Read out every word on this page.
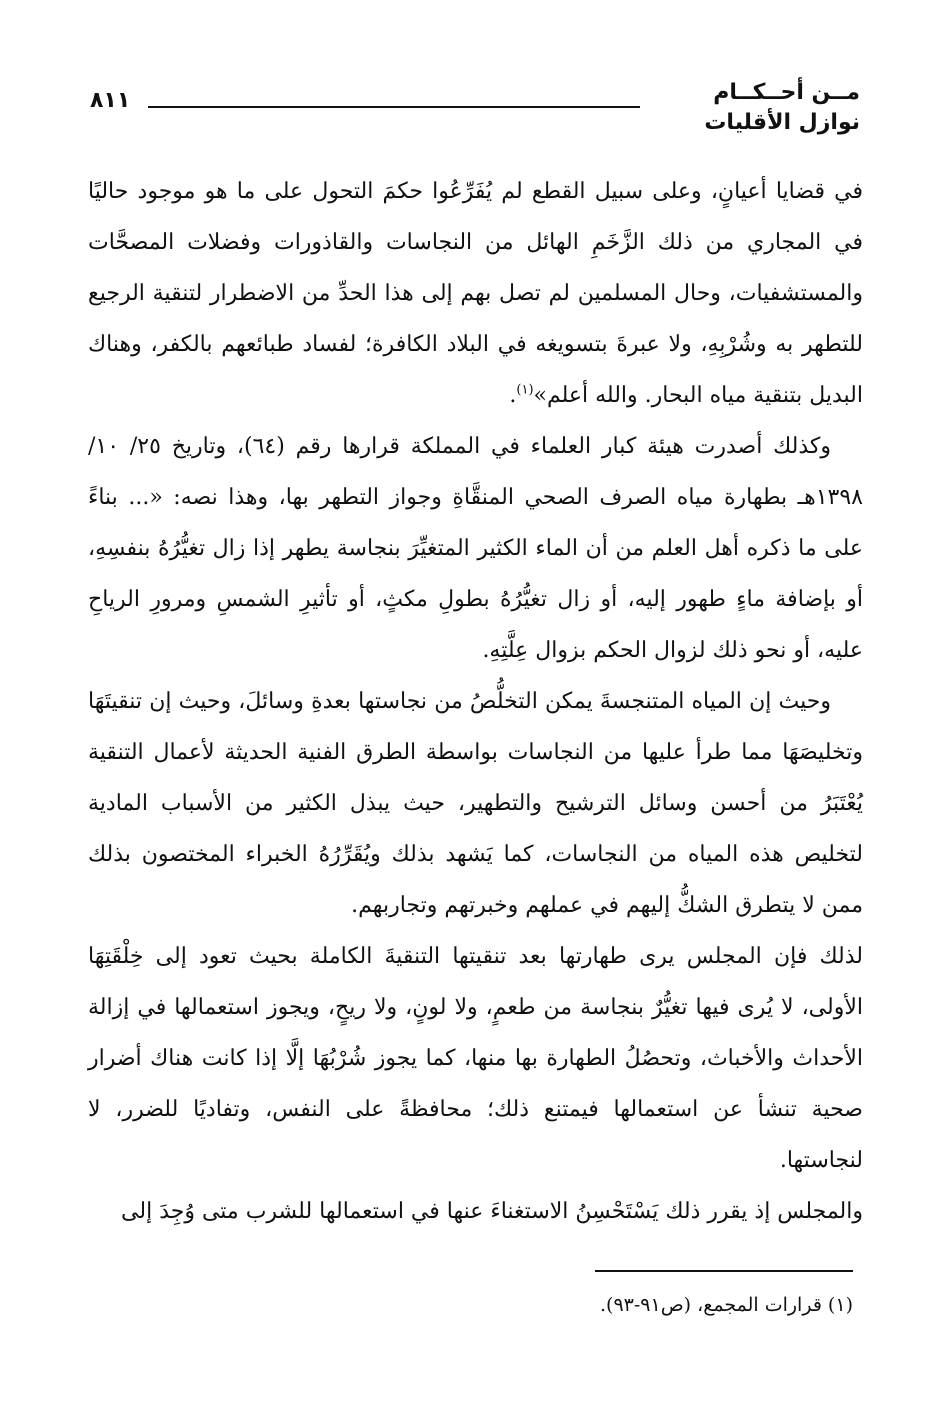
مــن أحــكــام
نوازل الأقليات
٨١١

في قضايا أعيانٍ، وعلى سبيل القطع لم يُفَرِّعُوا حكمَ التحول على ما هو موجود حاليًا في المجاري من ذلك الزَّخَمِ الهائل من النجاسات والقاذورات وفضلات المصحَّات والمستشفيات، وحال المسلمين لم تصل بهم إلى هذا الحدِّ من الاضطرار لتنقية الرجيع للتطهر به وشُرْبِهِ، ولا عبرةَ بتسويغه في البلاد الكافرة؛ لفساد طبائعهم بالكفر، وهناك البديل بتنقية مياه البحار. والله أعلم»$^{(١)}$.

وكذلك أصدرت هيئة كبار العلماء في المملكة قرارها رقم (٦٤)، وتاريخ ٢٥/ ١٠/ ١٣٩٨هـ بطهارة مياه الصرف الصحي المنقَّاةِ وجواز التطهر بها، وهذا نصه: «... بناءً على ما ذكره أهل العلم من أن الماء الكثير المتغيِّرَ بنجاسة يطهر إذا زال تغيُّرُهُ بنفسِهِ، أو بإضافة ماءٍ طهور إليه، أو زال تغيُّرُهُ بطولِ مكثٍ، أو تأثيرِ الشمسِ ومرورِ الرياحِ عليه، أو نحو ذلك لزوال الحكم بزوال عِلَّتِهِ.

وحيث إن المياه المتنجسةَ يمكن التخلُّصُ من نجاستها بعدةِ وسائلَ، وحيث إن تنقيتَهَا وتخليصَهَا مما طرأ عليها من النجاسات بواسطة الطرق الفنية الحديثة لأعمال التنقية يُعْتَبَرُ من أحسن وسائل الترشيح والتطهير، حيث يبذل الكثير من الأسباب المادية لتخليص هذه المياه من النجاسات، كما يَشهد بذلك ويُقَرِّرُهُ الخبراء المختصون بذلك ممن لا يتطرق الشكُّ إليهم في عملهم وخبرتهم وتجاربهم.

لذلك فإن المجلس يرى طهارتها بعد تنقيتها التنقيةَ الكاملة بحيث تعود إلى خِلْقَتِهَا الأولى، لا يُرى فيها تغيُّرٌ بنجاسة من طعمٍ، ولا لونٍ، ولا ريحٍ، ويجوز استعمالها في إزالة الأحداث والأخباث، وتحصُلُ الطهارة بها منها، كما يجوز شُرْبُهَا إلَّا إذا كانت هناك أضرار صحية تنشأ عن استعمالها فيمتنع ذلك؛ محافظةً على النفس، وتفاديًا للضرر، لا لنجاستها.

والمجلس إذ يقرر ذلك يَسْتَحْسِنُ الاستغناءَ عنها في استعمالها للشرب متى وُجِدَ إلى

(١) قرارات المجمع، (ص٩١-٩٣).
